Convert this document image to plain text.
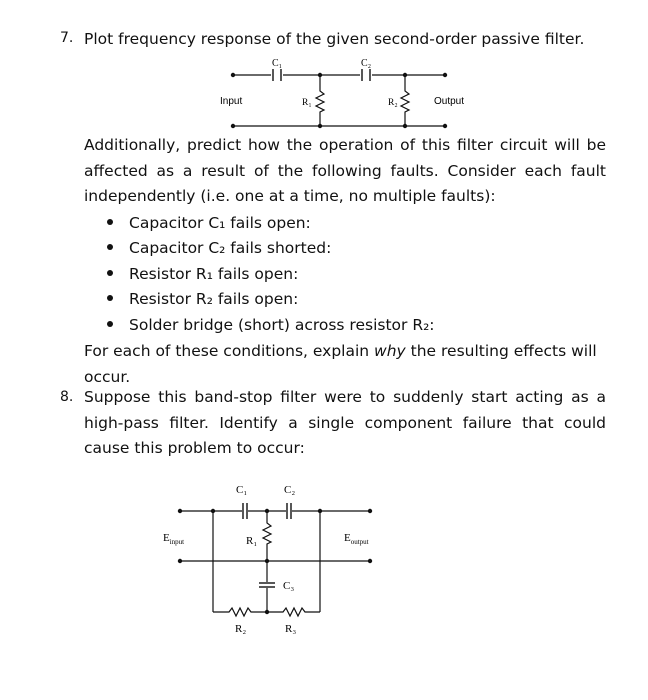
7. Plot frequency response of the given second-order passive filter.
C₁	C₂
R₁	R₂
Input	Output
Additionally, predict how the operation of this filter circuit will be affected as a result of the following faults. Consider each fault independently (i.e. one at a time, no multiple faults):
Capacitor C₁ fails open:
Capacitor C₂ fails shorted:
Resistor R₁ fails open:
Resistor R₂ fails open:
Solder bridge (short) across resistor R₂:
For each of these conditions, explain why the resulting effects will occur.
8. Suppose this band-stop filter were to suddenly start acting as a high-pass filter. Identify a single component failure that could cause this problem to occur:
C₁	C₂
R₁
C₃
R₂	R₃
$E_{input}$	$E_{output}$
